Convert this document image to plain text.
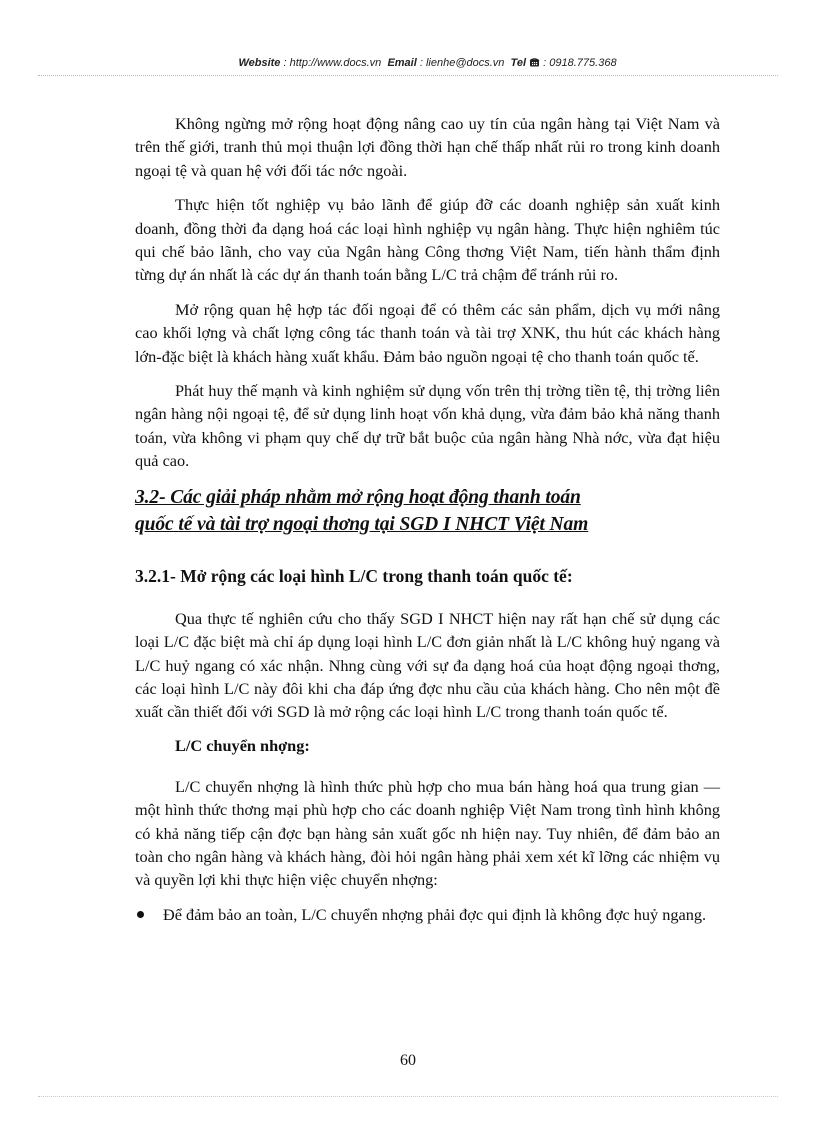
Website : http://www.docs.vn Email : lienhe@docs.vn Tel : 0918.775.368

Không ngừng mở rộng hoạt động nâng cao uy tín của ngân hàng tại Việt Nam và trên thế giới, tranh thủ mọi thuận lợi đồng thời hạn chế thấp nhất rủi ro trong kinh doanh ngoại tệ và quan hệ với đối tác nớc ngoài.

Thực hiện tốt nghiệp vụ bảo lãnh để giúp đỡ các doanh nghiệp sản xuất kinh doanh, đồng thời đa dạng hoá các loại hình nghiệp vụ ngân hàng. Thực hiện nghiêm túc qui chế bảo lãnh, cho vay của Ngân hàng Công thơng Việt Nam, tiến hành thẩm định từng dự án nhất là các dự án thanh toán bằng L/C trả chậm để tránh rủi ro.

Mở rộng quan hệ hợp tác đối ngoại để có thêm các sản phẩm, dịch vụ mới nâng cao khối lợng và chất lợng công tác thanh toán và tài trợ XNK, thu hút các khách hàng lớn-đặc biệt là khách hàng xuất khẩu. Đảm bảo nguồn ngoại tệ cho thanh toán quốc tế.

Phát huy thế mạnh và kinh nghiệm sử dụng vốn trên thị trờng tiền tệ, thị trờng liên ngân hàng nội ngoại tệ, để sử dụng linh hoạt vốn khả dụng, vừa đảm bảo khả năng thanh toán, vừa không vi phạm quy chế dự trữ bắt buộc của ngân hàng Nhà nớc, vừa đạt hiệu quả cao.

3.2- Các giải pháp nhằm mở rộng hoạt động thanh toán
quốc tế và tài trợ ngoại thơng tại SGD I NHCT Việt Nam
3.2.1- Mở rộng các loại hình L/C trong thanh toán quốc tế:

Qua thực tế nghiên cứu cho thấy SGD I NHCT hiện nay rất hạn chế sử dụng các loại L/C đặc biệt mà chỉ áp dụng loại hình L/C đơn giản nhất là L/C không huỷ ngang và L/C huỷ ngang có xác nhận. Nhng cùng với sự đa dạng hoá của hoạt động ngoại thơng, các loại hình L/C này đôi khi cha đáp ứng đợc nhu cầu của khách hàng. Cho nên một đề xuất cần thiết đối với SGD là mở rộng các loại hình L/C trong thanh toán quốc tế.

L/C chuyển nhợng:

L/C chuyển nhợng là hình thức phù hợp cho mua bán hàng hoá qua trung gian — một hình thức thơng mại phù hợp cho các doanh nghiệp Việt Nam trong tình hình không có khả năng tiếp cận đợc bạn hàng sản xuất gốc nh hiện nay. Tuy nhiên, để đảm bảo an toàn cho ngân hàng và khách hàng, đòi hỏi ngân hàng phải xem xét kĩ lỡng các nhiệm vụ và quyền lợi khi thực hiện việc chuyển nhợng:

Để đảm bảo an toàn, L/C chuyển nhợng phải đợc qui định là không đợc huỷ ngang.
60
